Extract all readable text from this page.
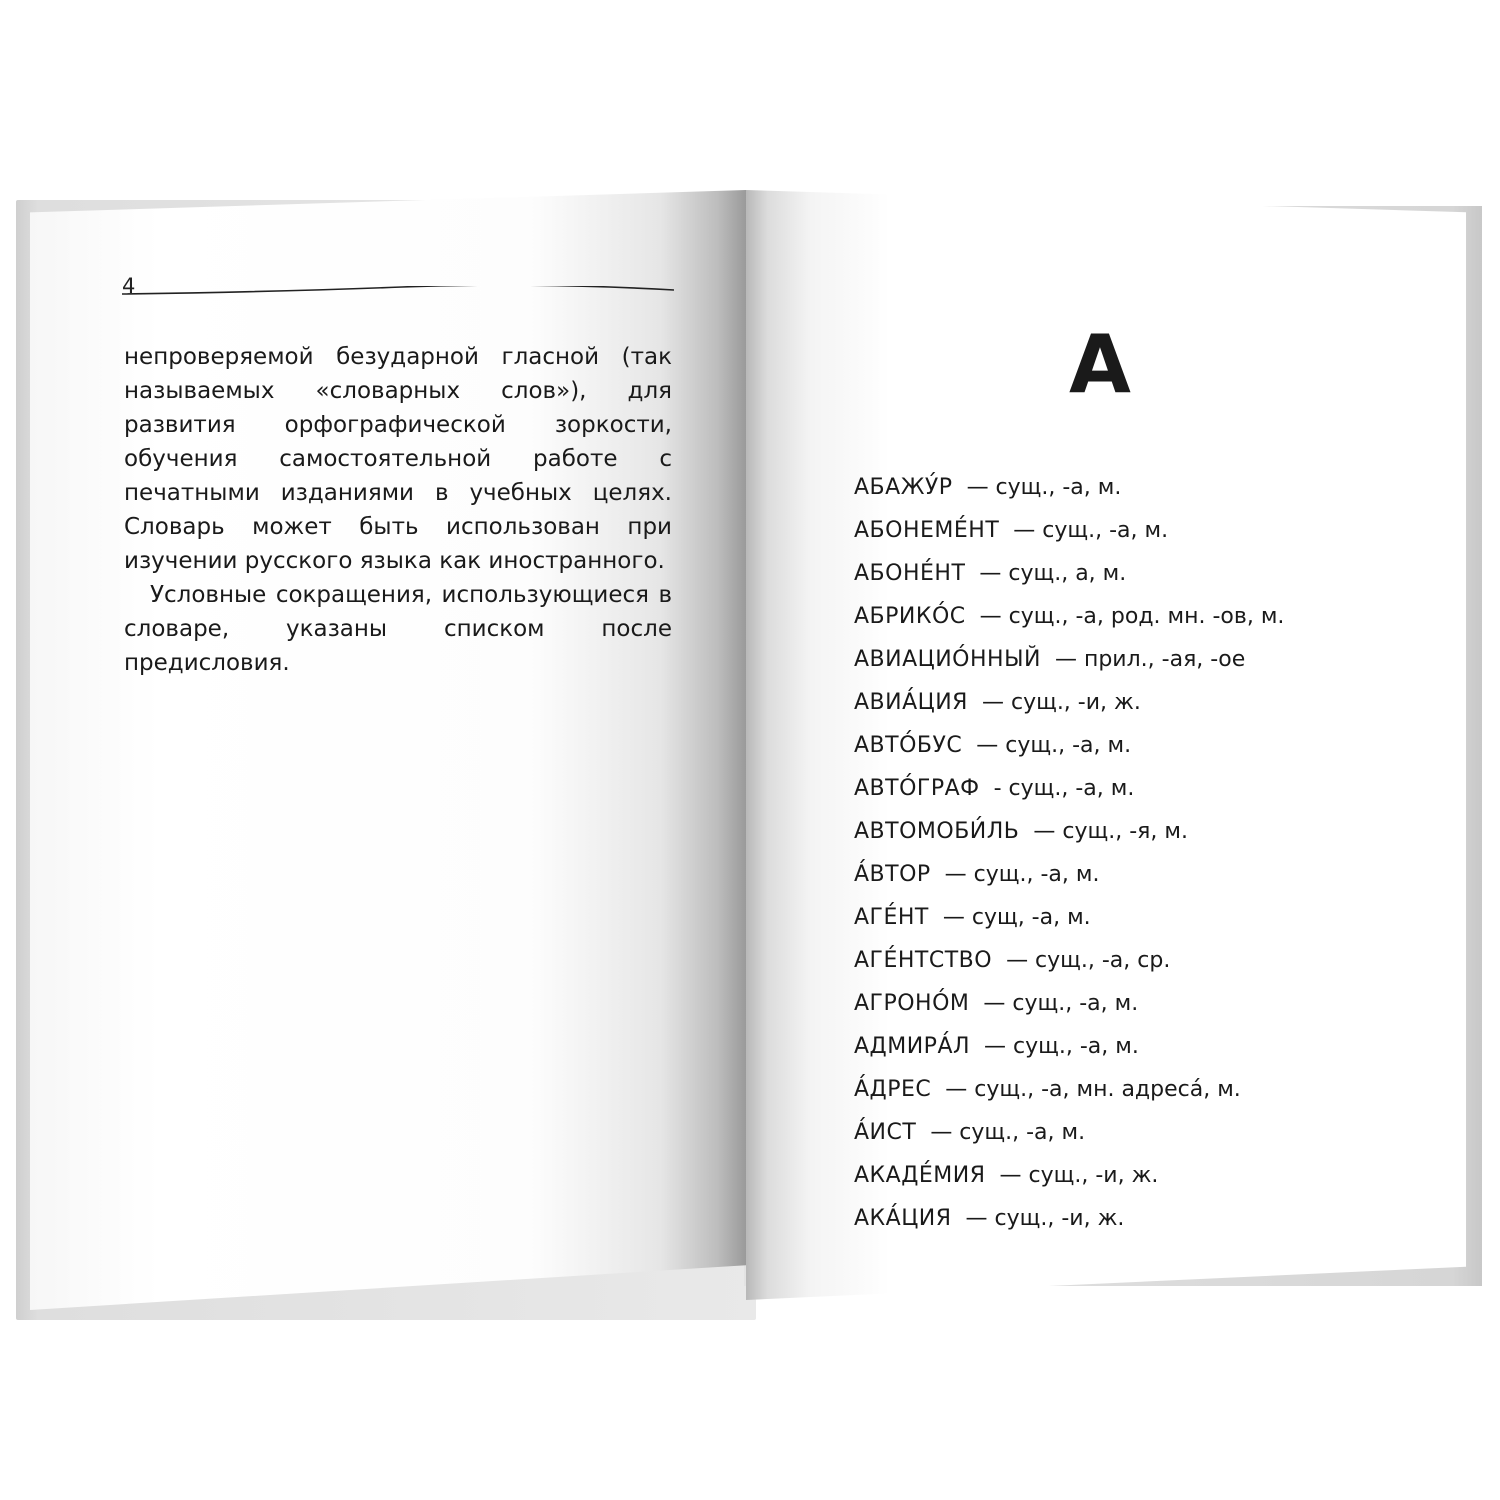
4

непроверяемой безударной гласной (так называемых «словарных слов»), для развития орфографической зоркости, обучения самостоятельной работе с печатными изданиями в учебных целях. Словарь может быть использован при изучении русского языка как иностранного.

Условные сокращения, использующиеся в словаре, указаны списком после предисловия.

А
АБАЖУ́Р — сущ., -а, м.
АБОНЕМЕ́НТ — сущ., -а, м.
АБОНЕ́НТ — сущ., а, м.
АБРИКО́С — сущ., -а, род. мн. -ов, м.
АВИАЦИО́ННЫЙ — прил., -ая, -ое
АВИА́ЦИЯ — сущ., -и, ж.
АВТО́БУС — сущ., -а, м.
АВТО́ГРАФ - сущ., -а, м.
АВТОМОБИ́ЛЬ — сущ., -я, м.
А́ВТОР — сущ., -а, м.
АГЕ́НТ — сущ, -а, м.
АГЕ́НТСТВО — сущ., -а, ср.
АГРОНО́М — сущ., -а, м.
АДМИРА́Л — сущ., -а, м.
А́ДРЕС — сущ., -а, мн. адреса́, м.
А́ИСТ — сущ., -а, м.
АКАДЕ́МИЯ — сущ., -и, ж.
АКА́ЦИЯ — сущ., -и, ж.
